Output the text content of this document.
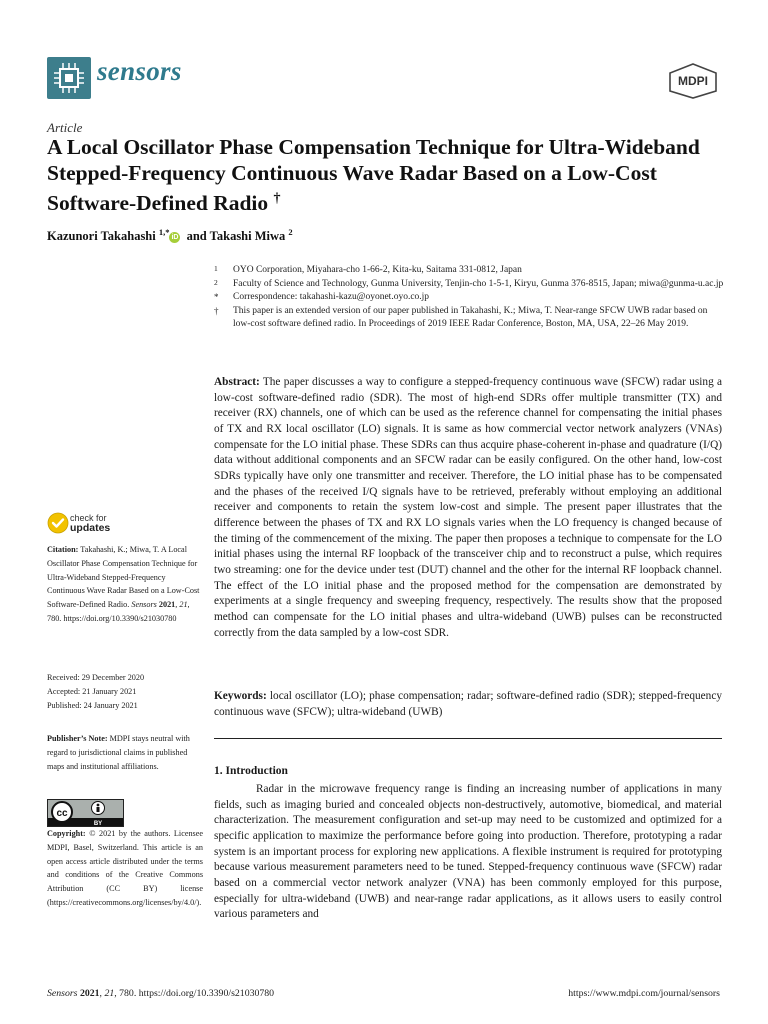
sensors	MDPI
Article
A Local Oscillator Phase Compensation Technique for Ultra-Wideband Stepped-Frequency Continuous Wave Radar Based on a Low-Cost Software-Defined Radio †
Kazunori Takahashi $^{1,*}$iD and Takashi Miwa $^2$
1 OYO Corporation, Miyahara-cho 1-66-2, Kita-ku, Saitama 331-0812, Japan
2 Faculty of Science and Technology, Gunma University, Tenjin-cho 1-5-1, Kiryu, Gunma 376-8515, Japan; miwa@gunma-u.ac.jp
* Correspondence: takahashi-kazu@oyonet.oyo.co.jp
† This paper is an extended version of our paper published in Takahashi, K.; Miwa, T. Near-range SFCW UWB radar based on low-cost software defined radio. In Proceedings of 2019 IEEE Radar Conference, Boston, MA, USA, 22–26 May 2019.
Abstract: The paper discusses a way to configure a stepped-frequency continuous wave (SFCW) radar using a low-cost software-defined radio (SDR). The most of high-end SDRs offer multiple transmitter (TX) and receiver (RX) channels, one of which can be used as the reference channel for compensating the initial phases of TX and RX local oscillator (LO) signals. It is same as how commercial vector network analyzers (VNAs) compensate for the LO initial phase. These SDRs can thus acquire phase-coherent in-phase and quadrature (I/Q) data without additional components and an SFCW radar can be easily configured. On the other hand, low-cost SDRs typically have only one transmitter and receiver. Therefore, the LO initial phase has to be compensated and the phases of the received I/Q signals have to be retrieved, preferably without employing an additional receiver and components to retain the system low-cost and simple. The present paper illustrates that the difference between the phases of TX and RX LO signals varies when the LO frequency is changed because of the timing of the commencement of the mixing. The paper then proposes a technique to compensate for the LO initial phases using the internal RF loopback of the transceiver chip and to reconstruct a pulse, which requires two streaming: one for the device under test (DUT) channel and the other for the internal RF loopback channel. The effect of the LO initial phase and the proposed method for the compensation are demonstrated by experiments at a single frequency and sweeping frequency, respectively. The results show that the proposed method can compensate for the LO initial phases and ultra-wideband (UWB) pulses can be reconstructed correctly from the data sampled by a low-cost SDR.
Keywords: local oscillator (LO); phase compensation; radar; software-defined radio (SDR); stepped-frequency continuous wave (SFCW); ultra-wideband (UWB)
check for
updates
Citation: Takahashi, K.; Miwa, T. A Local Oscillator Phase Compensation Technique for Ultra-Wideband Stepped-Frequency Continuous Wave Radar Based on a Low-Cost Software-Defined Radio. Sensors 2021, 21, 780. https://doi.org/10.3390/s21030780
Received: 29 December 2020
Accepted: 21 January 2021
Published: 24 January 2021
Publisher’s Note: MDPI stays neutral with regard to jurisdictional claims in published maps and institutional affiliations.
cc
BY
Copyright: © 2021 by the authors. Licensee MDPI, Basel, Switzerland. This article is an open access article distributed under the terms and conditions of the Creative Commons Attribution (CC BY) license (https://creativecommons.org/licenses/by/4.0/).
1. Introduction
Radar in the microwave frequency range is finding an increasing number of applications in many fields, such as imaging buried and concealed objects non-destructively, automotive, biomedical, and material characterization. The measurement configuration and set-up may need to be customized and optimized for a specific application to maximize the performance before going into production. Therefore, prototyping a radar system is an important process for exploring new applications. A flexible instrument is required for prototyping because various measurement parameters need to be tuned. Stepped-frequency continuous wave (SFCW) radar based on a commercial vector network analyzer (VNA) has been commonly employed for this purpose, especially for ultra-wideband (UWB) and near-range radar applications, as it allows users to easily control various parameters and
Sensors 2021, 21, 780. https://doi.org/10.3390/s21030780	https://www.mdpi.com/journal/sensors
